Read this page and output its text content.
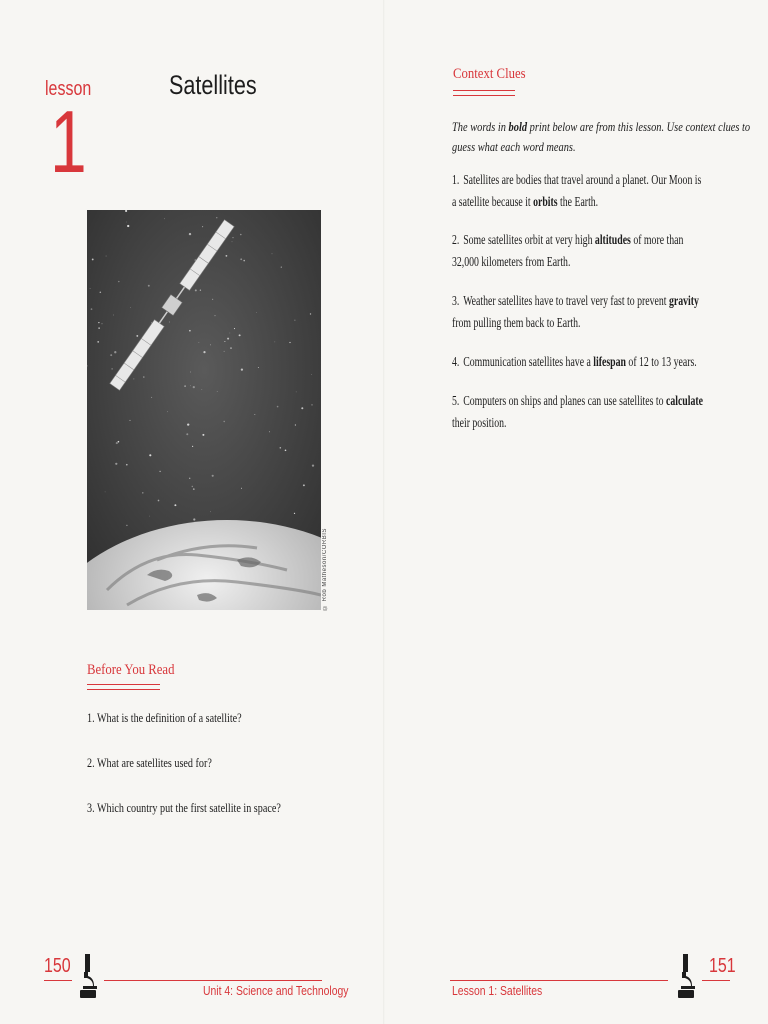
lesson
1
Satellites
© Rob Matheson/CORBIS
Before You Read
1. What is the definition of a satellite?
2. What are satellites used for?
3. Which country put the first satellite in space?
150
Unit 4: Science and Technology
Context Clues
The words in bold print below are from this lesson. Use context clues to guess what each word means.
1. Satellites are bodies that travel around a planet. Our Moon is a satellite because it orbits the Earth.
2. Some satellites orbit at very high altitudes of more than 32,000 kilometers from Earth.
3. Weather satellites have to travel very fast to prevent gravity from pulling them back to Earth.
4. Communication satellites have a lifespan of 12 to 13 years.
5. Computers on ships and planes can use satellites to calculate their position.
Lesson 1: Satellites
151
